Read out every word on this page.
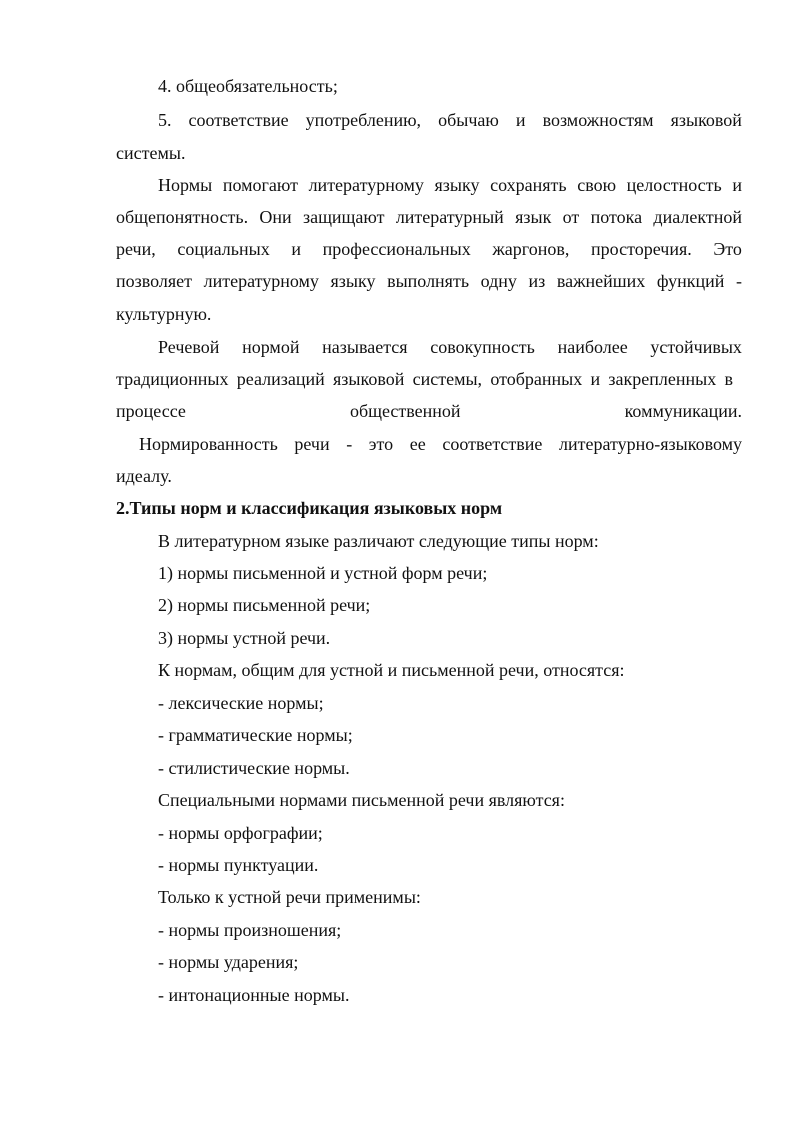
4. общеобязательность;
5. соответствие употреблению, обычаю и возможностям языковой
системы.
Нормы помогают литературному языку сохранять свою целостность и
общепонятность. Они защищают литературный язык от потока диалектной
речи, социальных и профессиональных жаргонов, просторечия. Это
позволяет литературному языку выполнять одну из важнейших функций -
культурную.
Речевой нормой называется совокупность наиболее устойчивых
традиционных реализаций языковой системы, отобранных и закрепленных в
процессе	общественной	коммуникации.
Нормированность речи - это ее соответствие литературно-языковому
идеалу.
2.Типы норм и классификация языковых норм
В литературном языке различают следующие типы норм:
1) нормы письменной и устной форм речи;
2) нормы письменной речи;
3) нормы устной речи.
К нормам, общим для устной и письменной речи, относятся:
- лексические нормы;
- грамматические нормы;
- стилистические нормы.
Специальными нормами письменной речи являются:
- нормы орфографии;
- нормы пунктуации.
Только к устной речи применимы:
- нормы произношения;
- нормы ударения;
- интонационные нормы.
